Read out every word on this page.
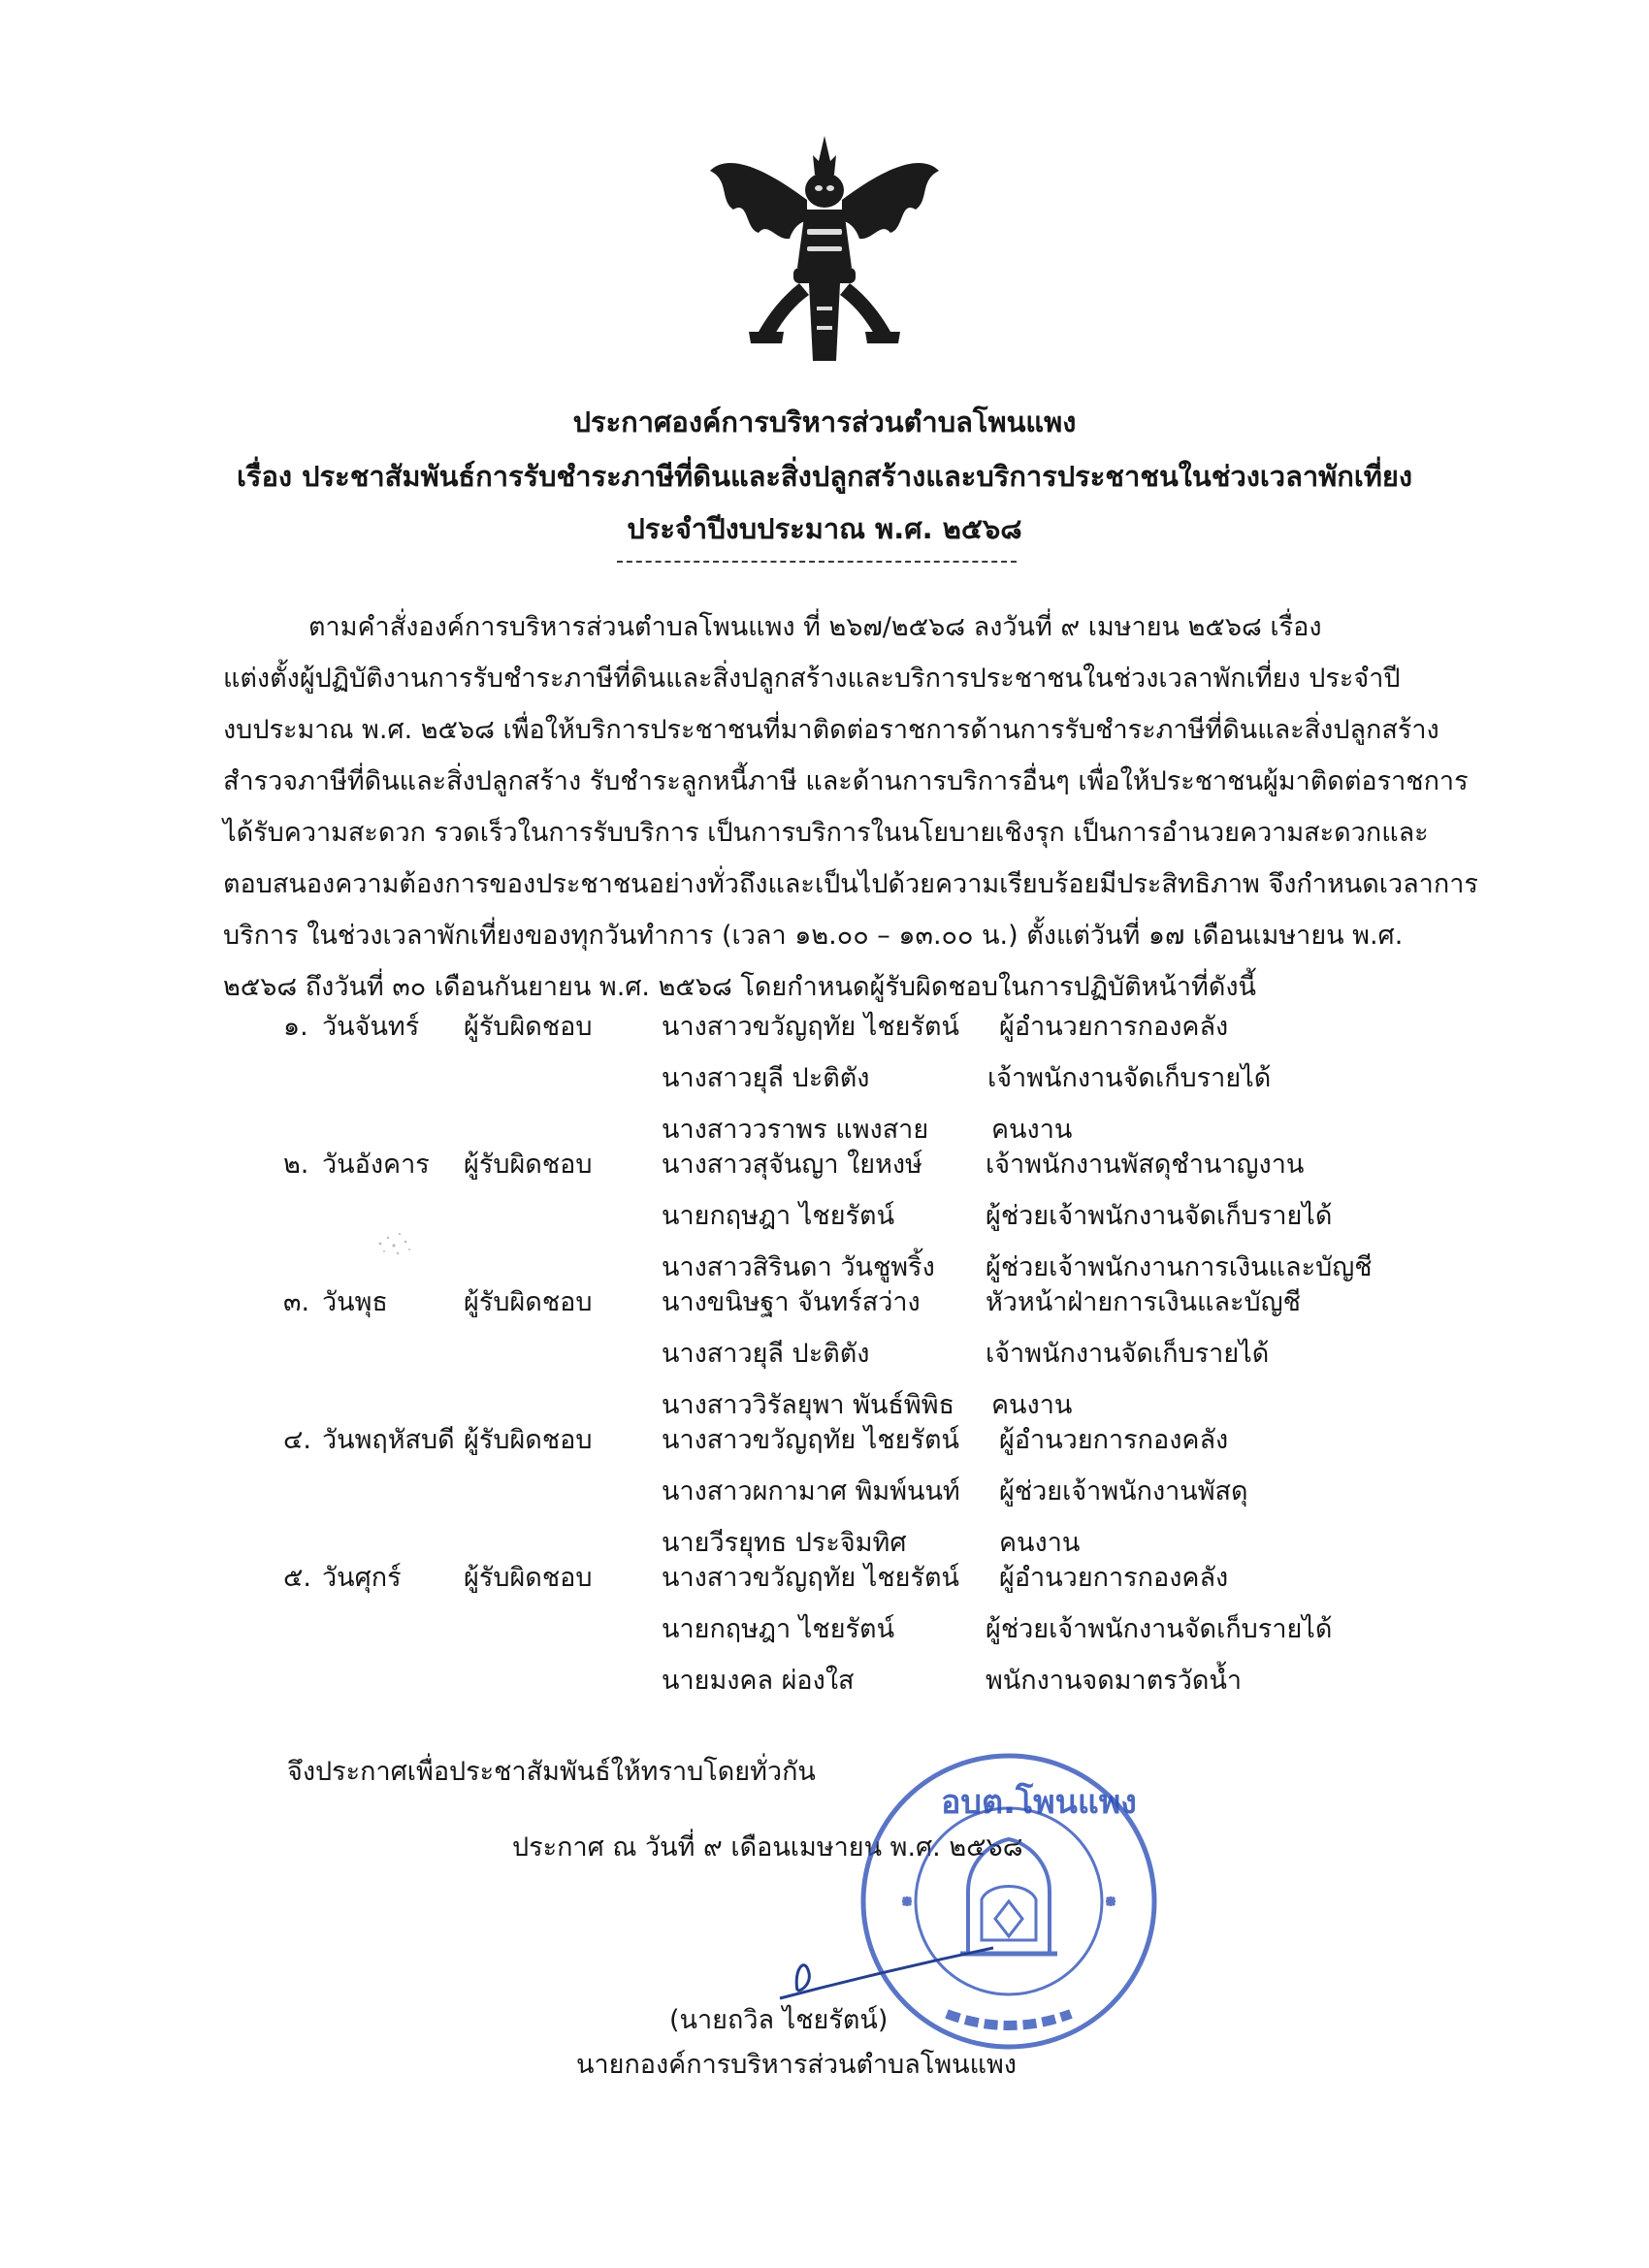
ประกาศองค์การบริหารส่วนตำบลโพนแพง
เรื่อง ประชาสัมพันธ์การรับชำระภาษีที่ดินและสิ่งปลูกสร้างและบริการประชาชนในช่วงเวลาพักเที่ยง
ประจำปีงบประมาณ พ.ศ. ๒๕๖๘
ตามคำสั่งองค์การบริหารส่วนตำบลโพนแพง ที่ ๒๖๗/๒๕๖๘ ลงวันที่ ๙ เมษายน ๒๕๖๘ เรื่อง
แต่งตั้งผู้ปฏิบัติงานการรับชำระภาษีที่ดินและสิ่งปลูกสร้างและบริการประชาชนในช่วงเวลาพักเที่ยง ประจำปี
งบประมาณ พ.ศ. ๒๕๖๘ เพื่อให้บริการประชาชนที่มาติดต่อราชการด้านการรับชำระภาษีที่ดินและสิ่งปลูกสร้าง
สำรวจภาษีที่ดินและสิ่งปลูกสร้าง รับชำระลูกหนี้ภาษี และด้านการบริการอื่นๆ เพื่อให้ประชาชนผู้มาติดต่อราชการ
ได้รับความสะดวก รวดเร็วในการรับบริการ เป็นการบริการในนโยบายเชิงรุก เป็นการอำนวยความสะดวกและ
ตอบสนองความต้องการของประชาชนอย่างทั่วถึงและเป็นไปด้วยความเรียบร้อยมีประสิทธิภาพ จึงกำหนดเวลาการ
บริการ ในช่วงเวลาพักเที่ยงของทุกวันทำการ (เวลา ๑๒.๐๐ – ๑๓.๐๐ น.) ตั้งแต่วันที่ ๑๗ เดือนเมษายน พ.ศ.
๒๕๖๘ ถึงวันที่ ๓๐ เดือนกันยายน พ.ศ. ๒๕๖๘ โดยกำหนดผู้รับผิดชอบในการปฏิบัติหน้าที่ดังนี้
๑. วันจันทร์ ผู้รับผิดชอบ	นางสาวขวัญฤทัย ไชยรัตน์ ผู้อำนวยการกองคลัง
นางสาวยุลี ปะติตัง	เจ้าพนักงานจัดเก็บรายได้
นางสาววราพร แพงสาย คนงาน
๒. วันอังคาร ผู้รับผิดชอบ	นางสาวสุจันญา ใยหงษ์ เจ้าพนักงานพัสดุชำนาญงาน
นายกฤษฎา ไชยรัตน์	ผู้ช่วยเจ้าพนักงานจัดเก็บรายได้
นางสาวสิรินดา วันชูพริ้ง ผู้ช่วยเจ้าพนักงานการเงินและบัญชี
๓. วันพุธ	ผู้รับผิดชอบ	นางขนิษฐา จันทร์สว่าง หัวหน้าฝ่ายการเงินและบัญชี
นางสาวยุลี ปะติตัง	เจ้าพนักงานจัดเก็บรายได้
นางสาววิรัลยุพา พันธ์พิพิธ คนงาน
๔. วันพฤหัสบดี ผู้รับผิดชอบ	นางสาวขวัญฤทัย ไชยรัตน์ ผู้อำนวยการกองคลัง
นางสาวผกามาศ พิมพ์นนท์ ผู้ช่วยเจ้าพนักงานพัสดุ
นายวีรยุทธ ประจิมทิศ	คนงาน
๕. วันศุกร์ ผู้รับผิดชอบ	นางสาวขวัญฤทัย ไชยรัตน์ ผู้อำนวยการกองคลัง
นายกฤษฎา ไชยรัตน์	ผู้ช่วยเจ้าพนักงานจัดเก็บรายได้
นายมงคล ผ่องใส	พนักงานจดมาตรวัดน้ำ
จึงประกาศเพื่อประชาสัมพันธ์ให้ทราบโดยทั่วกัน
ประกาศ ณ วันที่ ๙ เดือนเมษายน พ.ศ. ๒๕๖๘
อบต.โพนแพง
(นายถวิล ไชยรัตน์)
นายกองค์การบริหารส่วนตำบลโพนแพง
